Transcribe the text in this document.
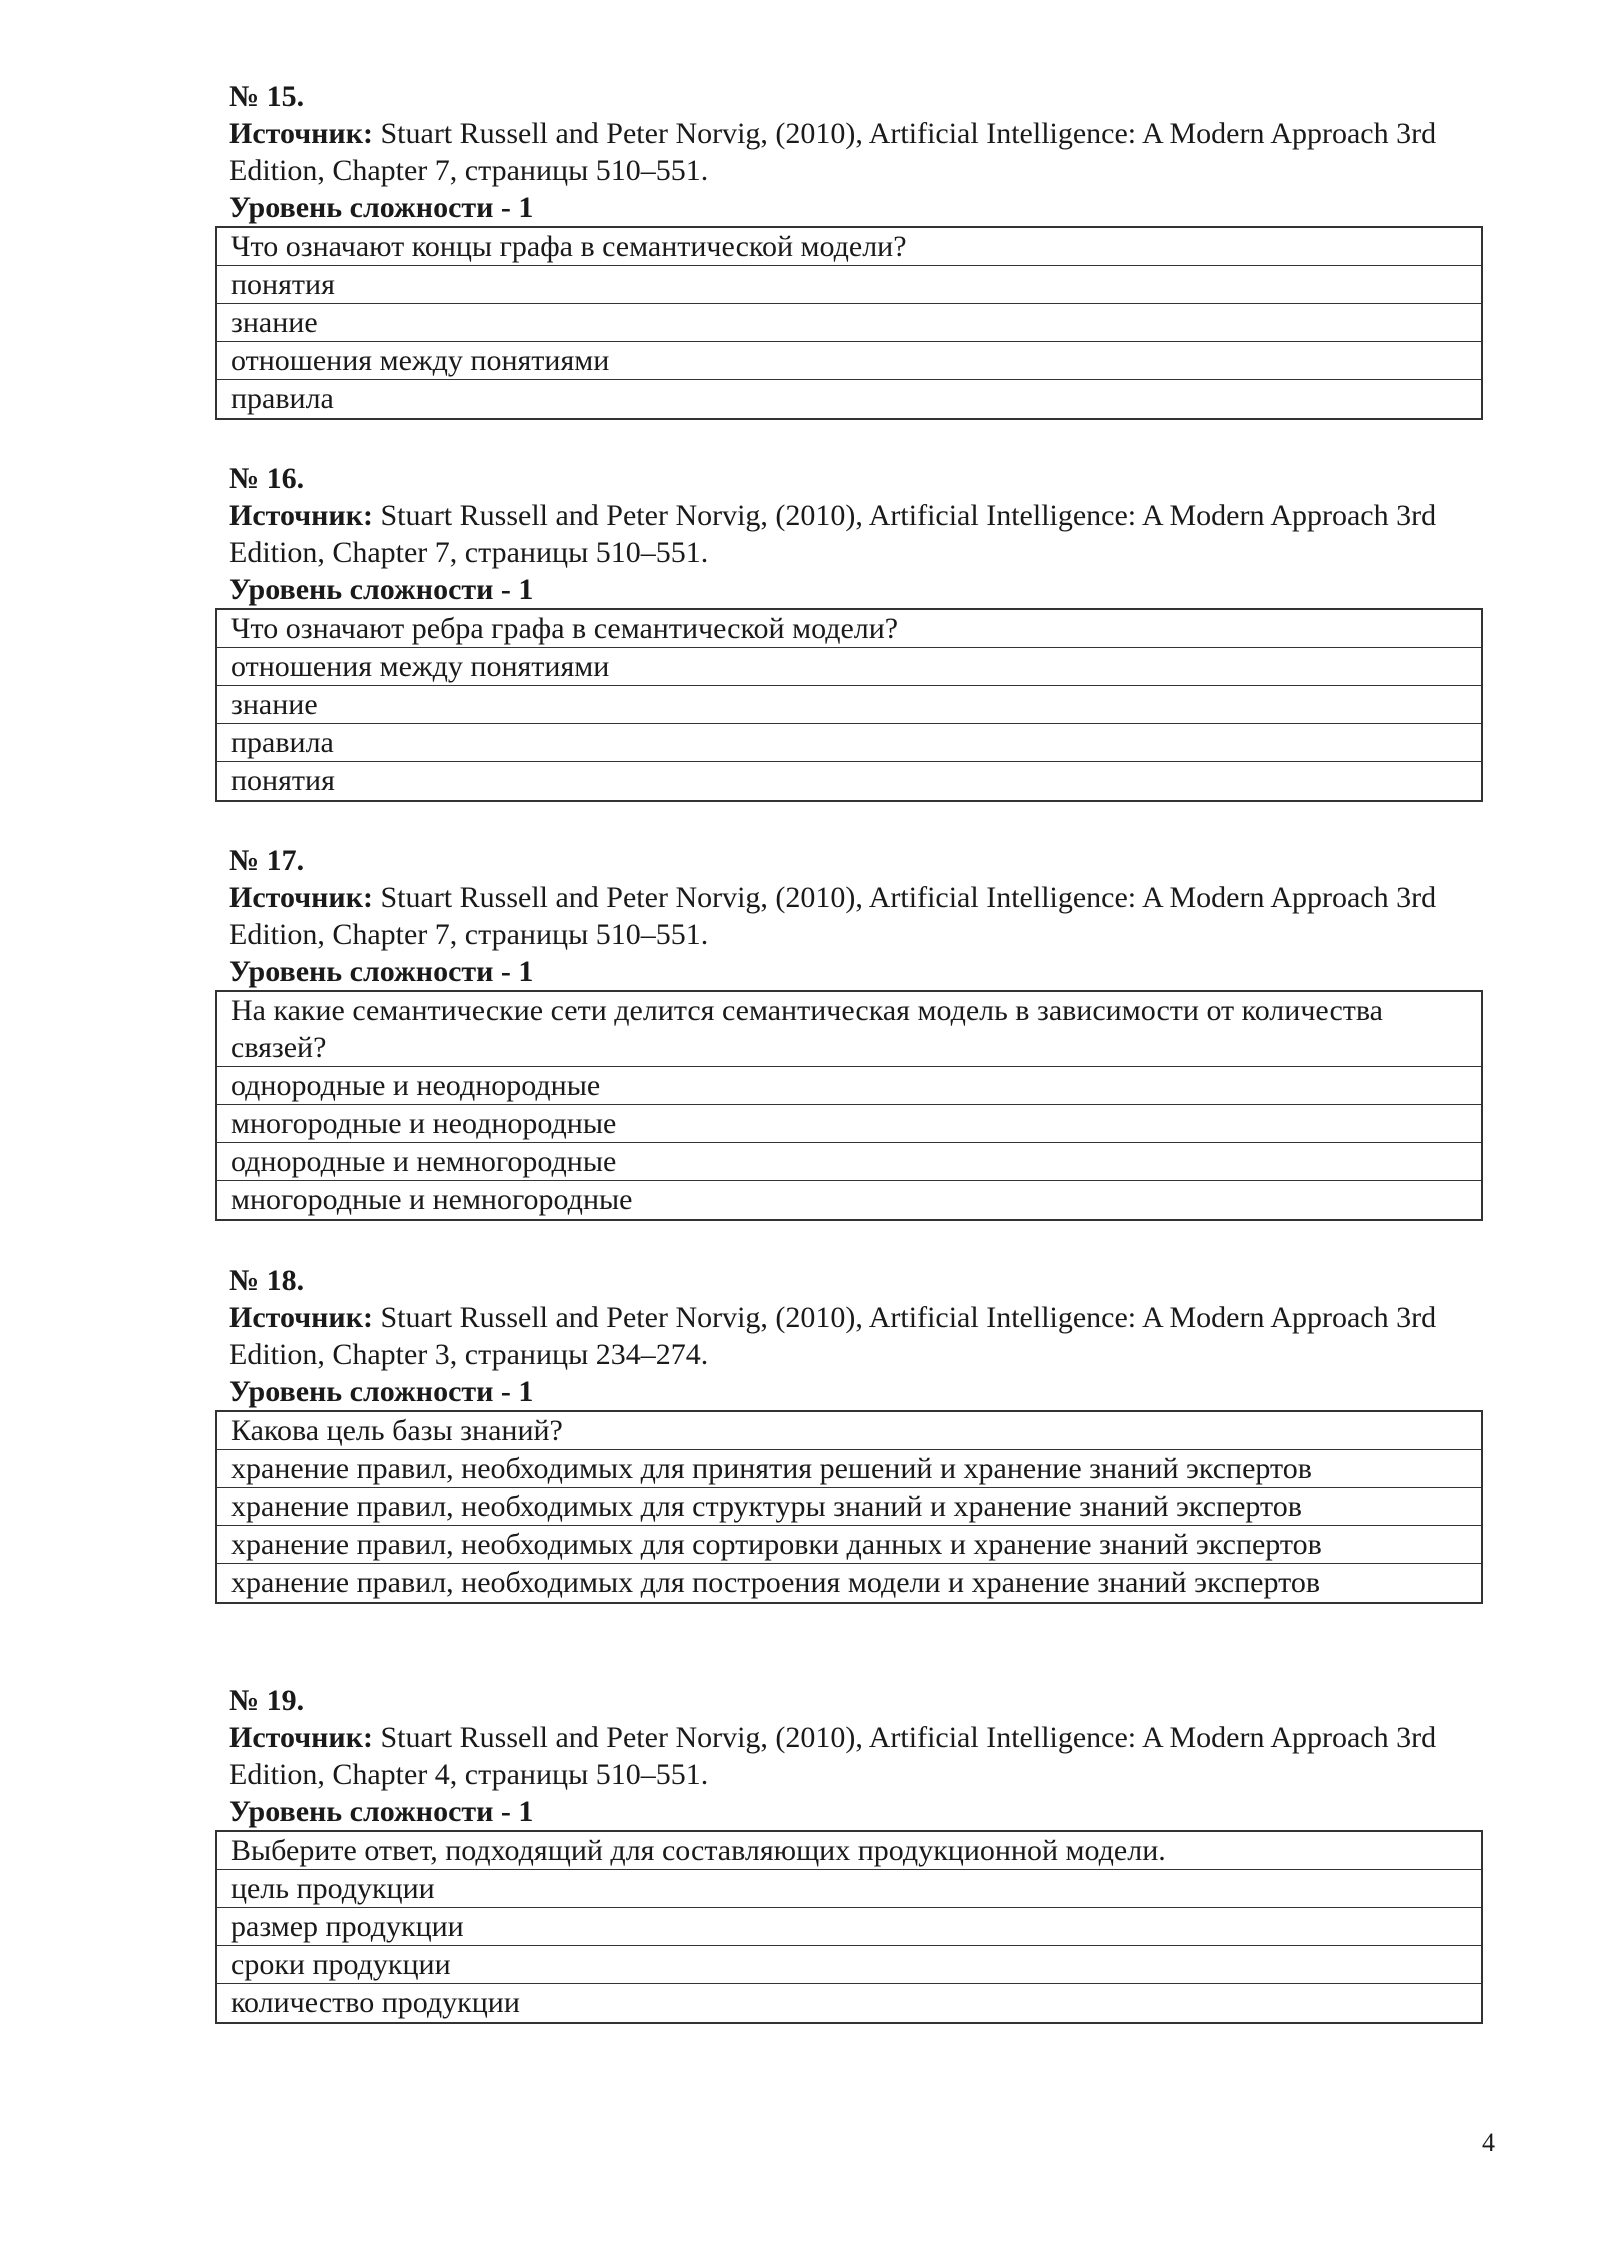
№ 15.
Источник: Stuart Russell and Peter Norvig, (2010), Artificial Intelligence: A Modern Approach 3rd Edition, Chapter 7, страницы 510–551.
Уровень сложности - 1
Что означают концы графа в семантической модели?
понятия
знание
отношения между понятиями
правила
№ 16.
Источник: Stuart Russell and Peter Norvig, (2010), Artificial Intelligence: A Modern Approach 3rd Edition, Chapter 7, страницы 510–551.
Уровень сложности - 1
Что означают ребра графа в семантической модели?
отношения между понятиями
знание
правила
понятия
№ 17.
Источник: Stuart Russell and Peter Norvig, (2010), Artificial Intelligence: A Modern Approach 3rd Edition, Chapter 7, страницы 510–551.
Уровень сложности - 1
На какие семантические сети делится семантическая модель в зависимости от количества связей?
однородные и неоднородные
многородные и неоднородные
однородные и немногородные
многородные и немногородные
№ 18.
Источник: Stuart Russell and Peter Norvig, (2010), Artificial Intelligence: A Modern Approach 3rd Edition, Chapter 3, страницы 234–274.
Уровень сложности - 1
Какова цель базы знаний?
хранение правил, необходимых для принятия решений и хранение знаний экспертов
хранение правил, необходимых для структуры знаний и хранение знаний экспертов
хранение правил, необходимых для сортировки данных и хранение знаний экспертов
хранение правил, необходимых для построения модели и хранение знаний экспертов
№ 19.
Источник: Stuart Russell and Peter Norvig, (2010), Artificial Intelligence: A Modern Approach 3rd Edition, Chapter 4, страницы 510–551.
Уровень сложности - 1
Выберите ответ, подходящий для составляющих продукционной модели.
цель продукции
размер продукции
сроки продукции
количество продукции
4
